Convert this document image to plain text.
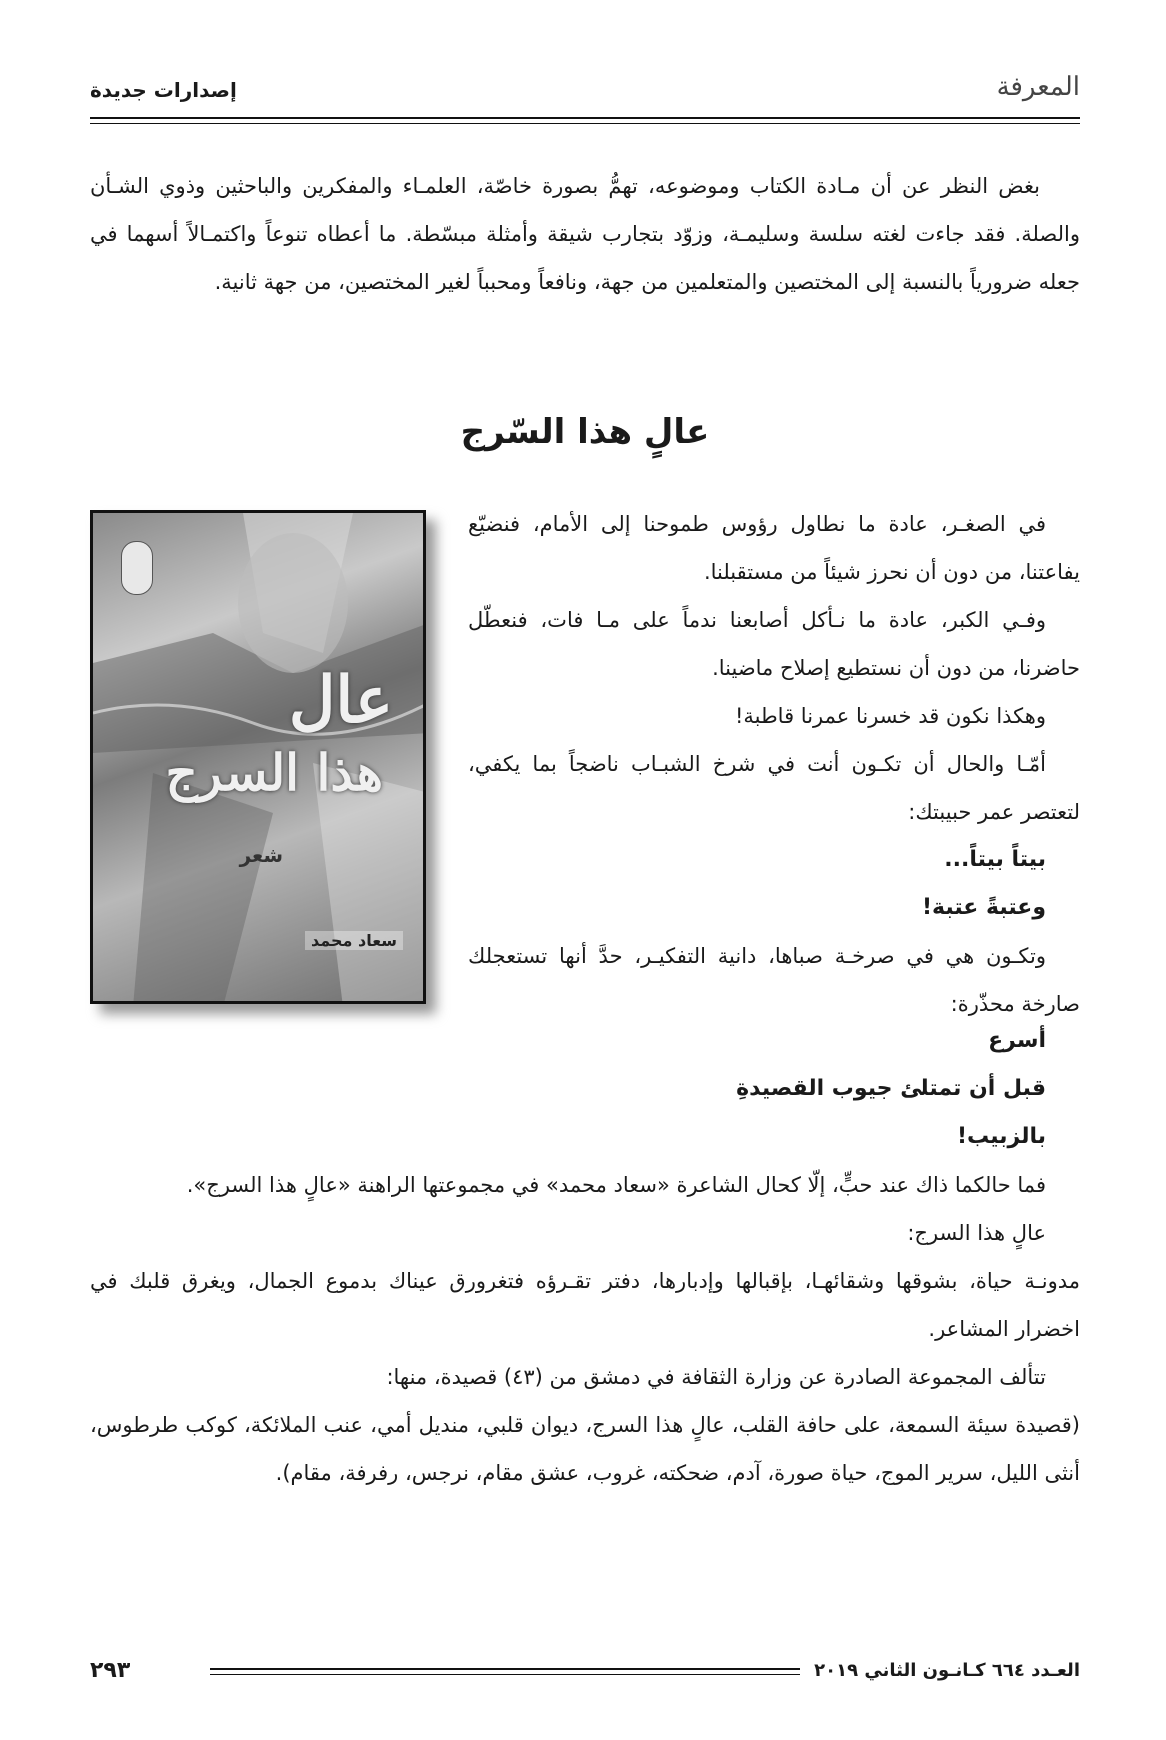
إصدارات جديدة	المعرفة

بغض النظر عن أن مـادة الكتاب وموضوعه، تهمُّ بصورة خاصّة، العلمـاء والمفكرين والباحثين وذوي الشـأن والصلة. فقد جاءت لغته سلسة وسليمـة، وزوّد بتجارب شيقة وأمثلة مبسّطة. ما أعطاه تنوعاً واكتمـالاً أسهما في جعله ضرورياً بالنسبة إلى المختصين والمتعلمين من جهة، ونافعاً ومحبباً لغير المختصين، من جهة ثانية.

عالٍ هذا السّرج
عال
هذا السرج
شعر
سعاد محمد

في الصغـر، عادة ما نطاول رؤوس طموحنا إلى الأمام، فنضيّع يفاعتنا، من دون أن نحرز شيئاً من مستقبلنا.

وفـي الكبر، عادة ما نـأكل أصابعنا ندماً على مـا فات، فنعطّل حاضرنا، من دون أن نستطيع إصلاح ماضينا.

وهكذا نكون قد خسرنا عمرنا قاطبة!

أمّـا والحال أن تكـون أنت في شرخ الشبـاب ناضجاً بما يكفي، لتعتصر عمر حبيبتك:

بيتاً بيتاً...

وعتبةً عتبة!

وتكـون هي في صرخـة صباها، دانية التفكيـر، حدَّ أنها تستعجلك صارخة محذّرة:

أسرع

قبل أن تمتلئ جيوب القصيدةِ

بالزبيب!

فما حالكما ذاك عند حبٍّ، إلّا كحال الشاعرة «سعاد محمد» في مجموعتها الراهنة «عالٍ هذا السرج».

عالٍ هذا السرج:

مدونـة حياة، بشوقها وشقائهـا، بإقبالها وإدبارها، دفتر تقـرؤه فتغرورق عيناك بدموع الجمال، ويغرق قلبك في اخضرار المشاعر.

تتألف المجموعة الصادرة عن وزارة الثقافة في دمشق من (٤٣) قصيدة، منها:

(قصيدة سيئة السمعة، على حافة القلب، عالٍ هذا السرج، ديوان قلبي، منديل أمي، عنب الملائكة، كوكب طرطوس، أنثى الليل، سرير الموج، حياة صورة، آدم، ضحكته، غروب، عشق مقام، نرجس، رفرفة، مقام).

٢٩٣	العـدد ٦٦٤ كـانـون الثاني ٢٠١٩
